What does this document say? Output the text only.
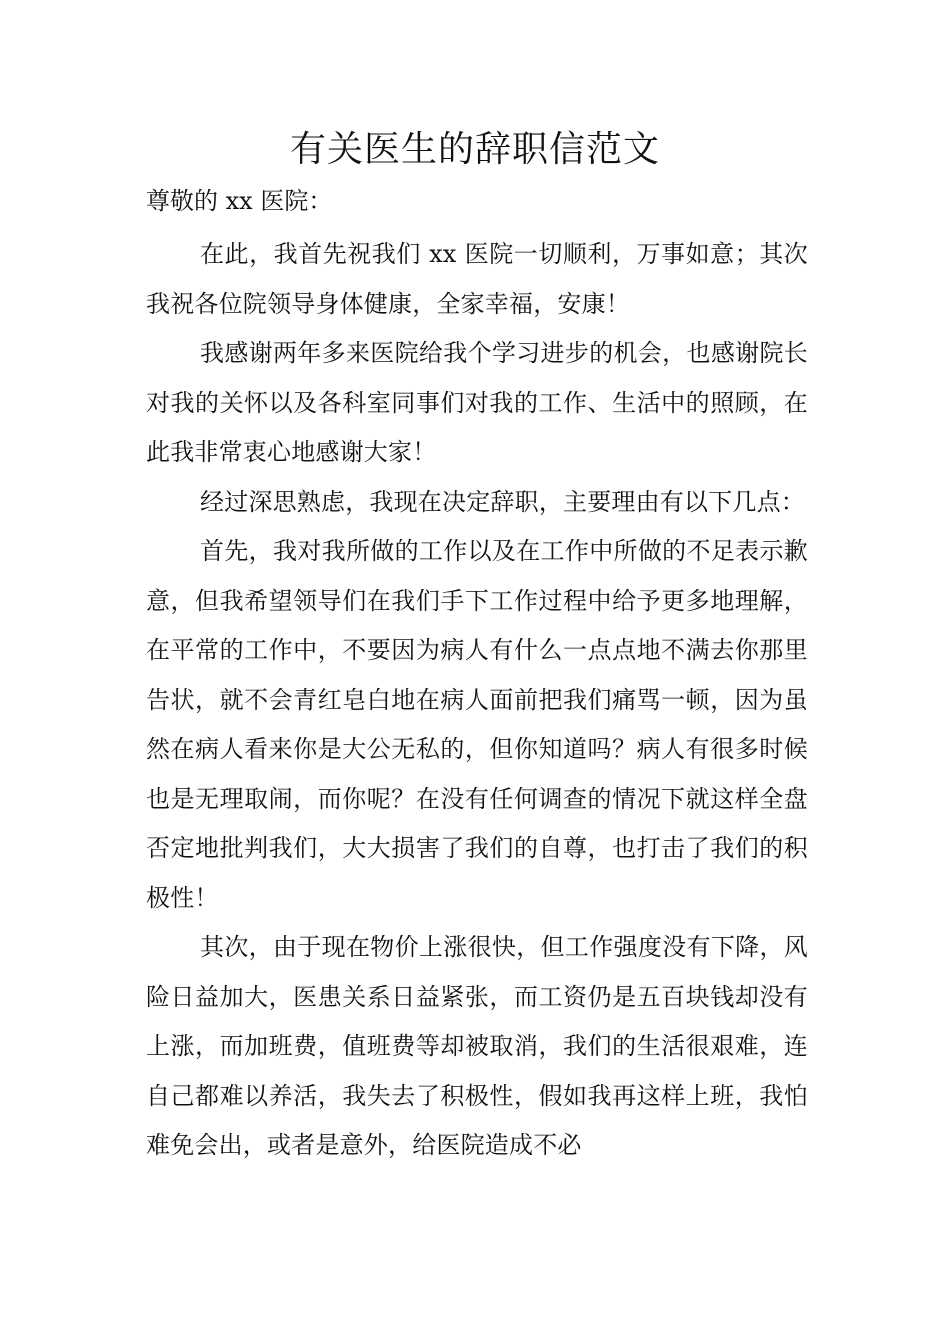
有关医生的辞职信范文

尊敬的 xx 医院：

在此，我首先祝我们 xx 医院一切顺利，万事如意；其次我祝各位院领导身体健康，全家幸福，安康！

我感谢两年多来医院给我个学习进步的机会，也感谢院长对我的关怀以及各科室同事们对我的工作、生活中的照顾，在此我非常衷心地感谢大家！

经过深思熟虑，我现在决定辞职，主要理由有以下几点：

首先，我对我所做的工作以及在工作中所做的不足表示歉意，但我希望领导们在我们手下工作过程中给予更多地理解，在平常的工作中，不要因为病人有什么一点点地不满去你那里告状，就不会青红皂白地在病人面前把我们痛骂一顿，因为虽然在病人看来你是大公无私的，但你知道吗？病人有很多时候也是无理取闹，而你呢？在没有任何调查的情况下就这样全盘否定地批判我们，大大损害了我们的自尊，也打击了我们的积极性！

其次，由于现在物价上涨很快，但工作强度没有下降，风险日益加大，医患关系日益紧张，而工资仍是五百块钱却没有上涨，而加班费，值班费等却被取消，我们的生活很艰难，连自己都难以养活，我失去了积极性，假如我再这样上班，我怕难免会出，或者是意外，给医院造成不必
